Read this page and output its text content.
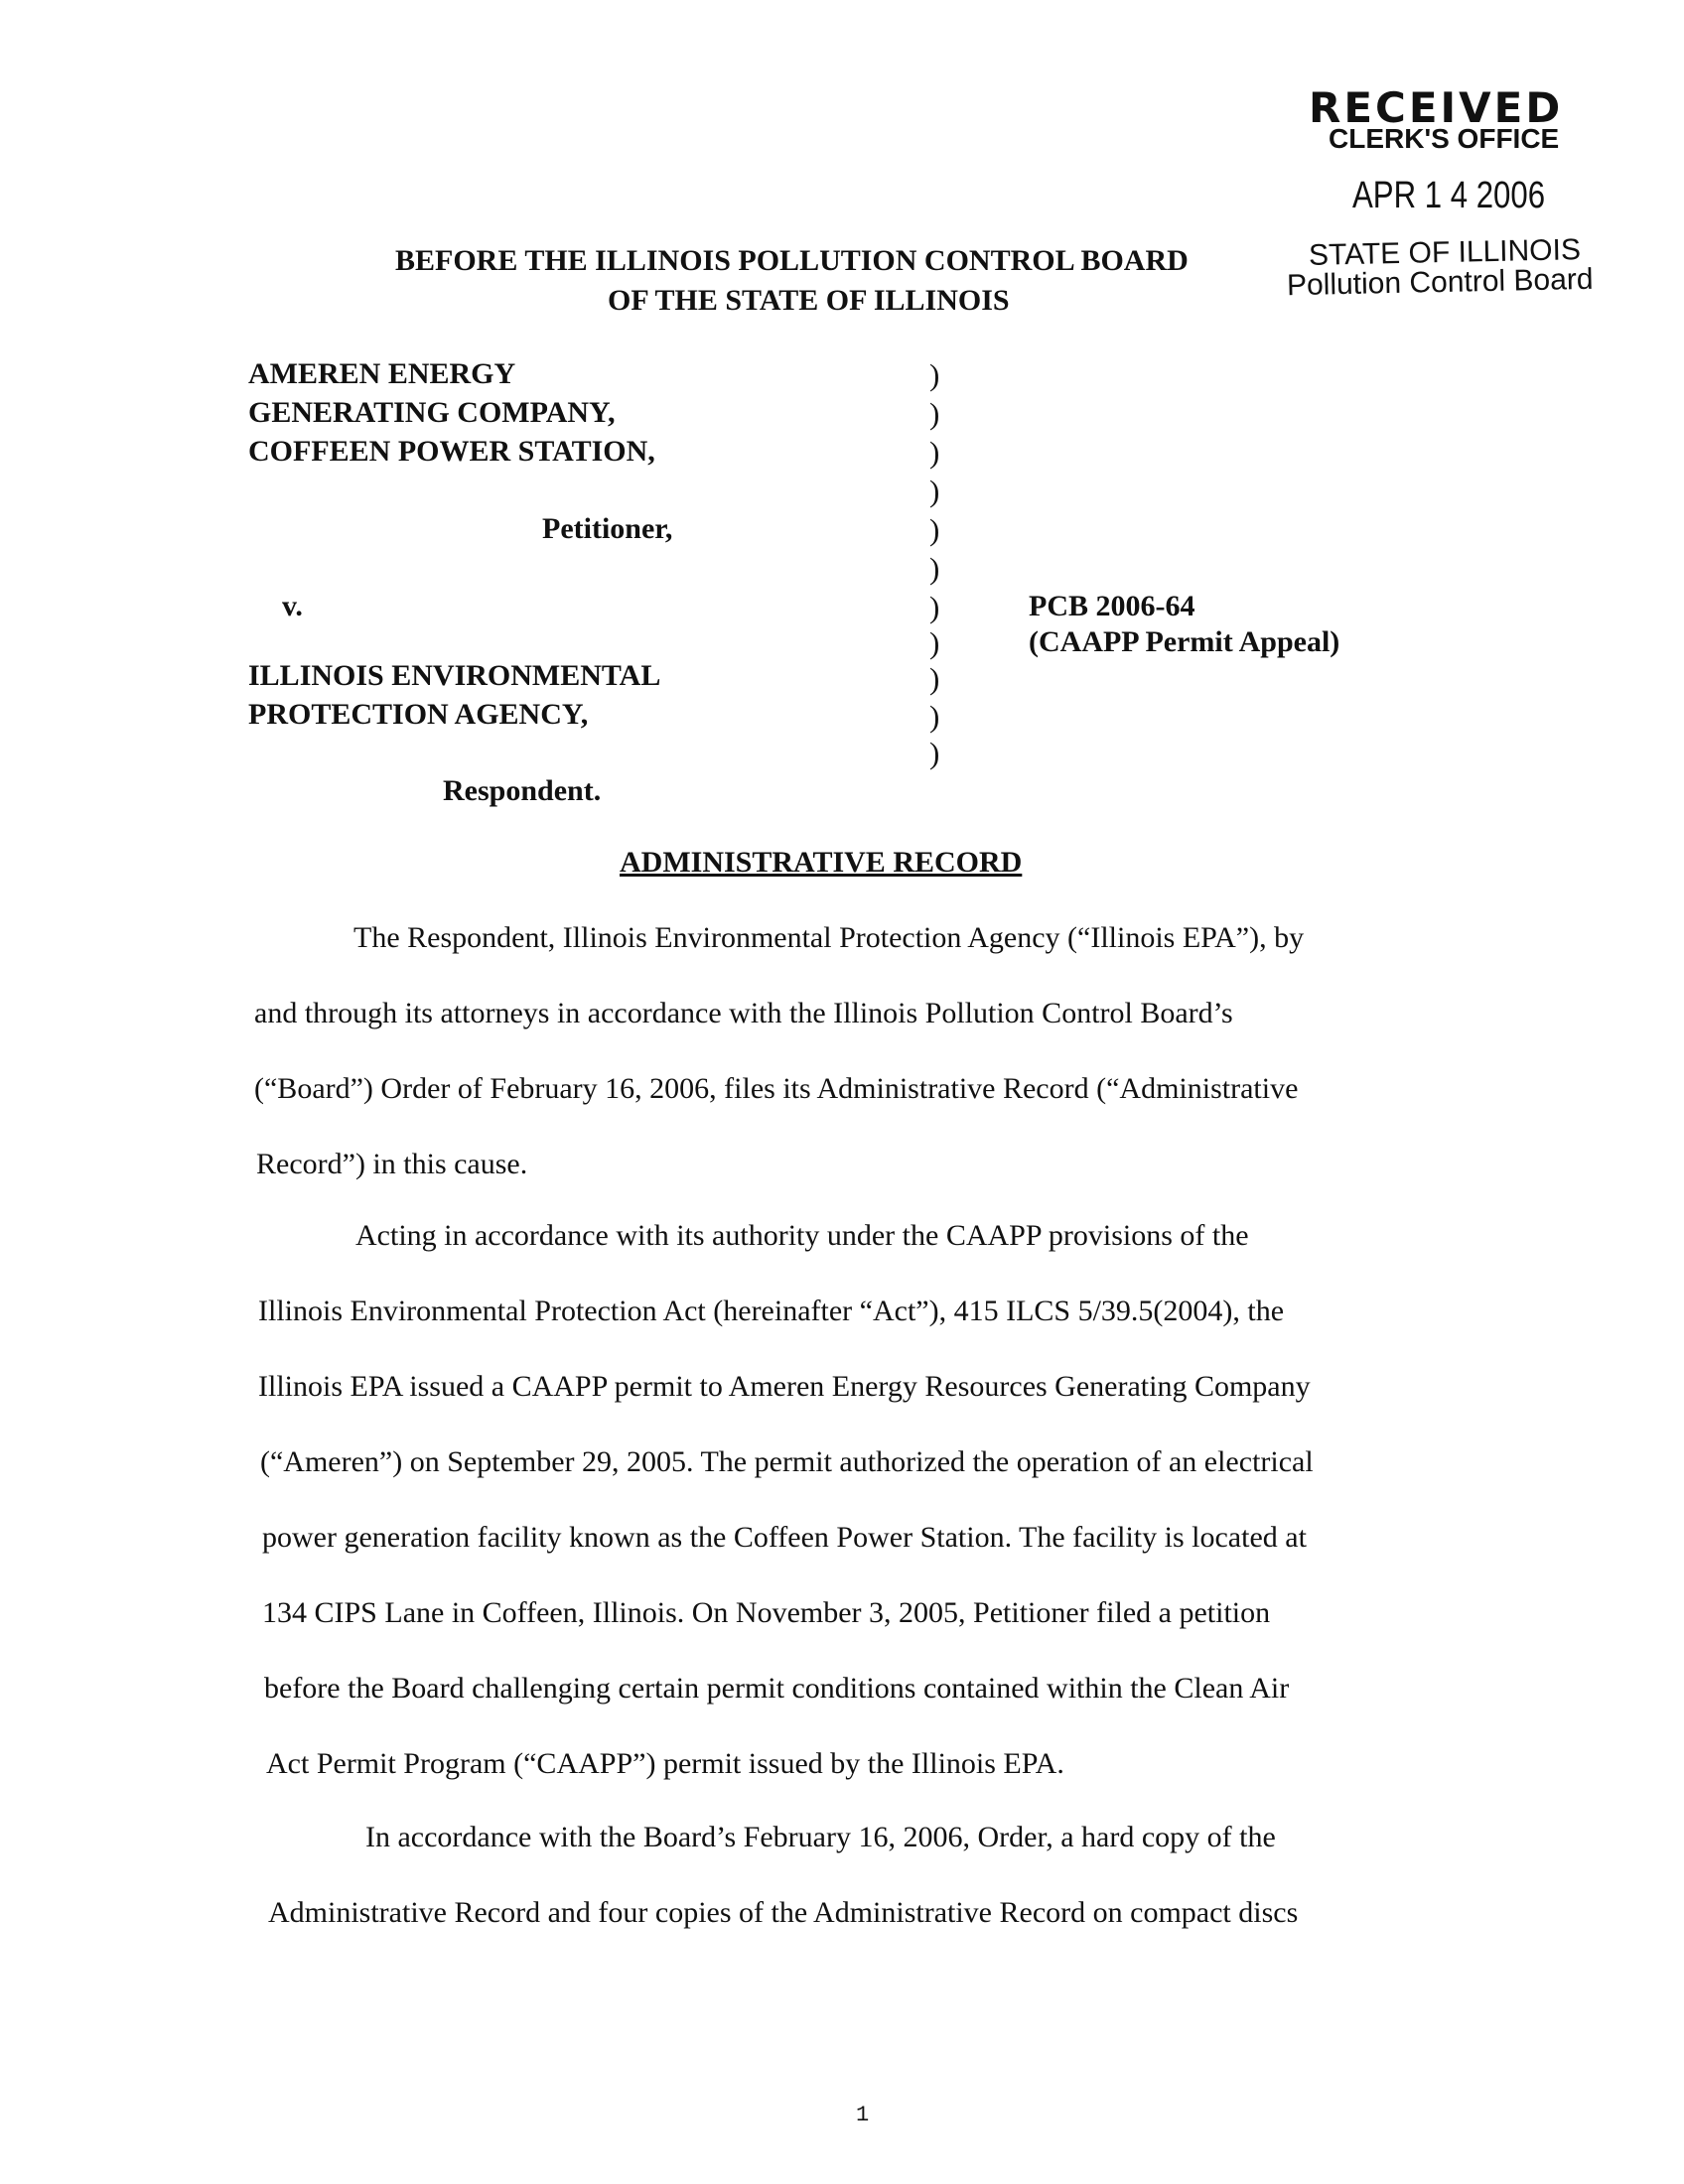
RECEIVED
CLERK'S OFFICE
APR 1 4 2006
STATE OF ILLINOIS
Pollution Control Board
BEFORE THE ILLINOIS POLLUTION CONTROL BOARD
OF THE STATE OF ILLINOIS
AMEREN ENERGY
GENERATING COMPANY,
COFFEEN POWER STATION,
Petitioner,
v.
ILLINOIS ENVIRONMENTAL
PROTECTION AGENCY,
Respondent.
)
)
)
)
)
)
)
)
)
)
)
PCB 2006-64
(CAAPP Permit Appeal)
ADMINISTRATIVE RECORD
The Respondent, Illinois Environmental Protection Agency (“Illinois EPA”), by
and through its attorneys in accordance with the Illinois Pollution Control Board’s
(“Board”) Order of February 16, 2006, files its Administrative Record (“Administrative
Record”) in this cause.
Acting in accordance with its authority under the CAAPP provisions of the
Illinois Environmental Protection Act (hereinafter “Act”), 415 ILCS 5/39.5(2004), the
Illinois EPA issued a CAAPP permit to Ameren Energy Resources Generating Company
(“Ameren”) on September 29, 2005. The permit authorized the operation of an electrical
power generation facility known as the Coffeen Power Station. The facility is located at
134 CIPS Lane in Coffeen, Illinois. On November 3, 2005, Petitioner filed a petition
before the Board challenging certain permit conditions contained within the Clean Air
Act Permit Program (“CAAPP”) permit issued by the Illinois EPA.
In accordance with the Board’s February 16, 2006, Order, a hard copy of the
Administrative Record and four copies of the Administrative Record on compact discs
1
